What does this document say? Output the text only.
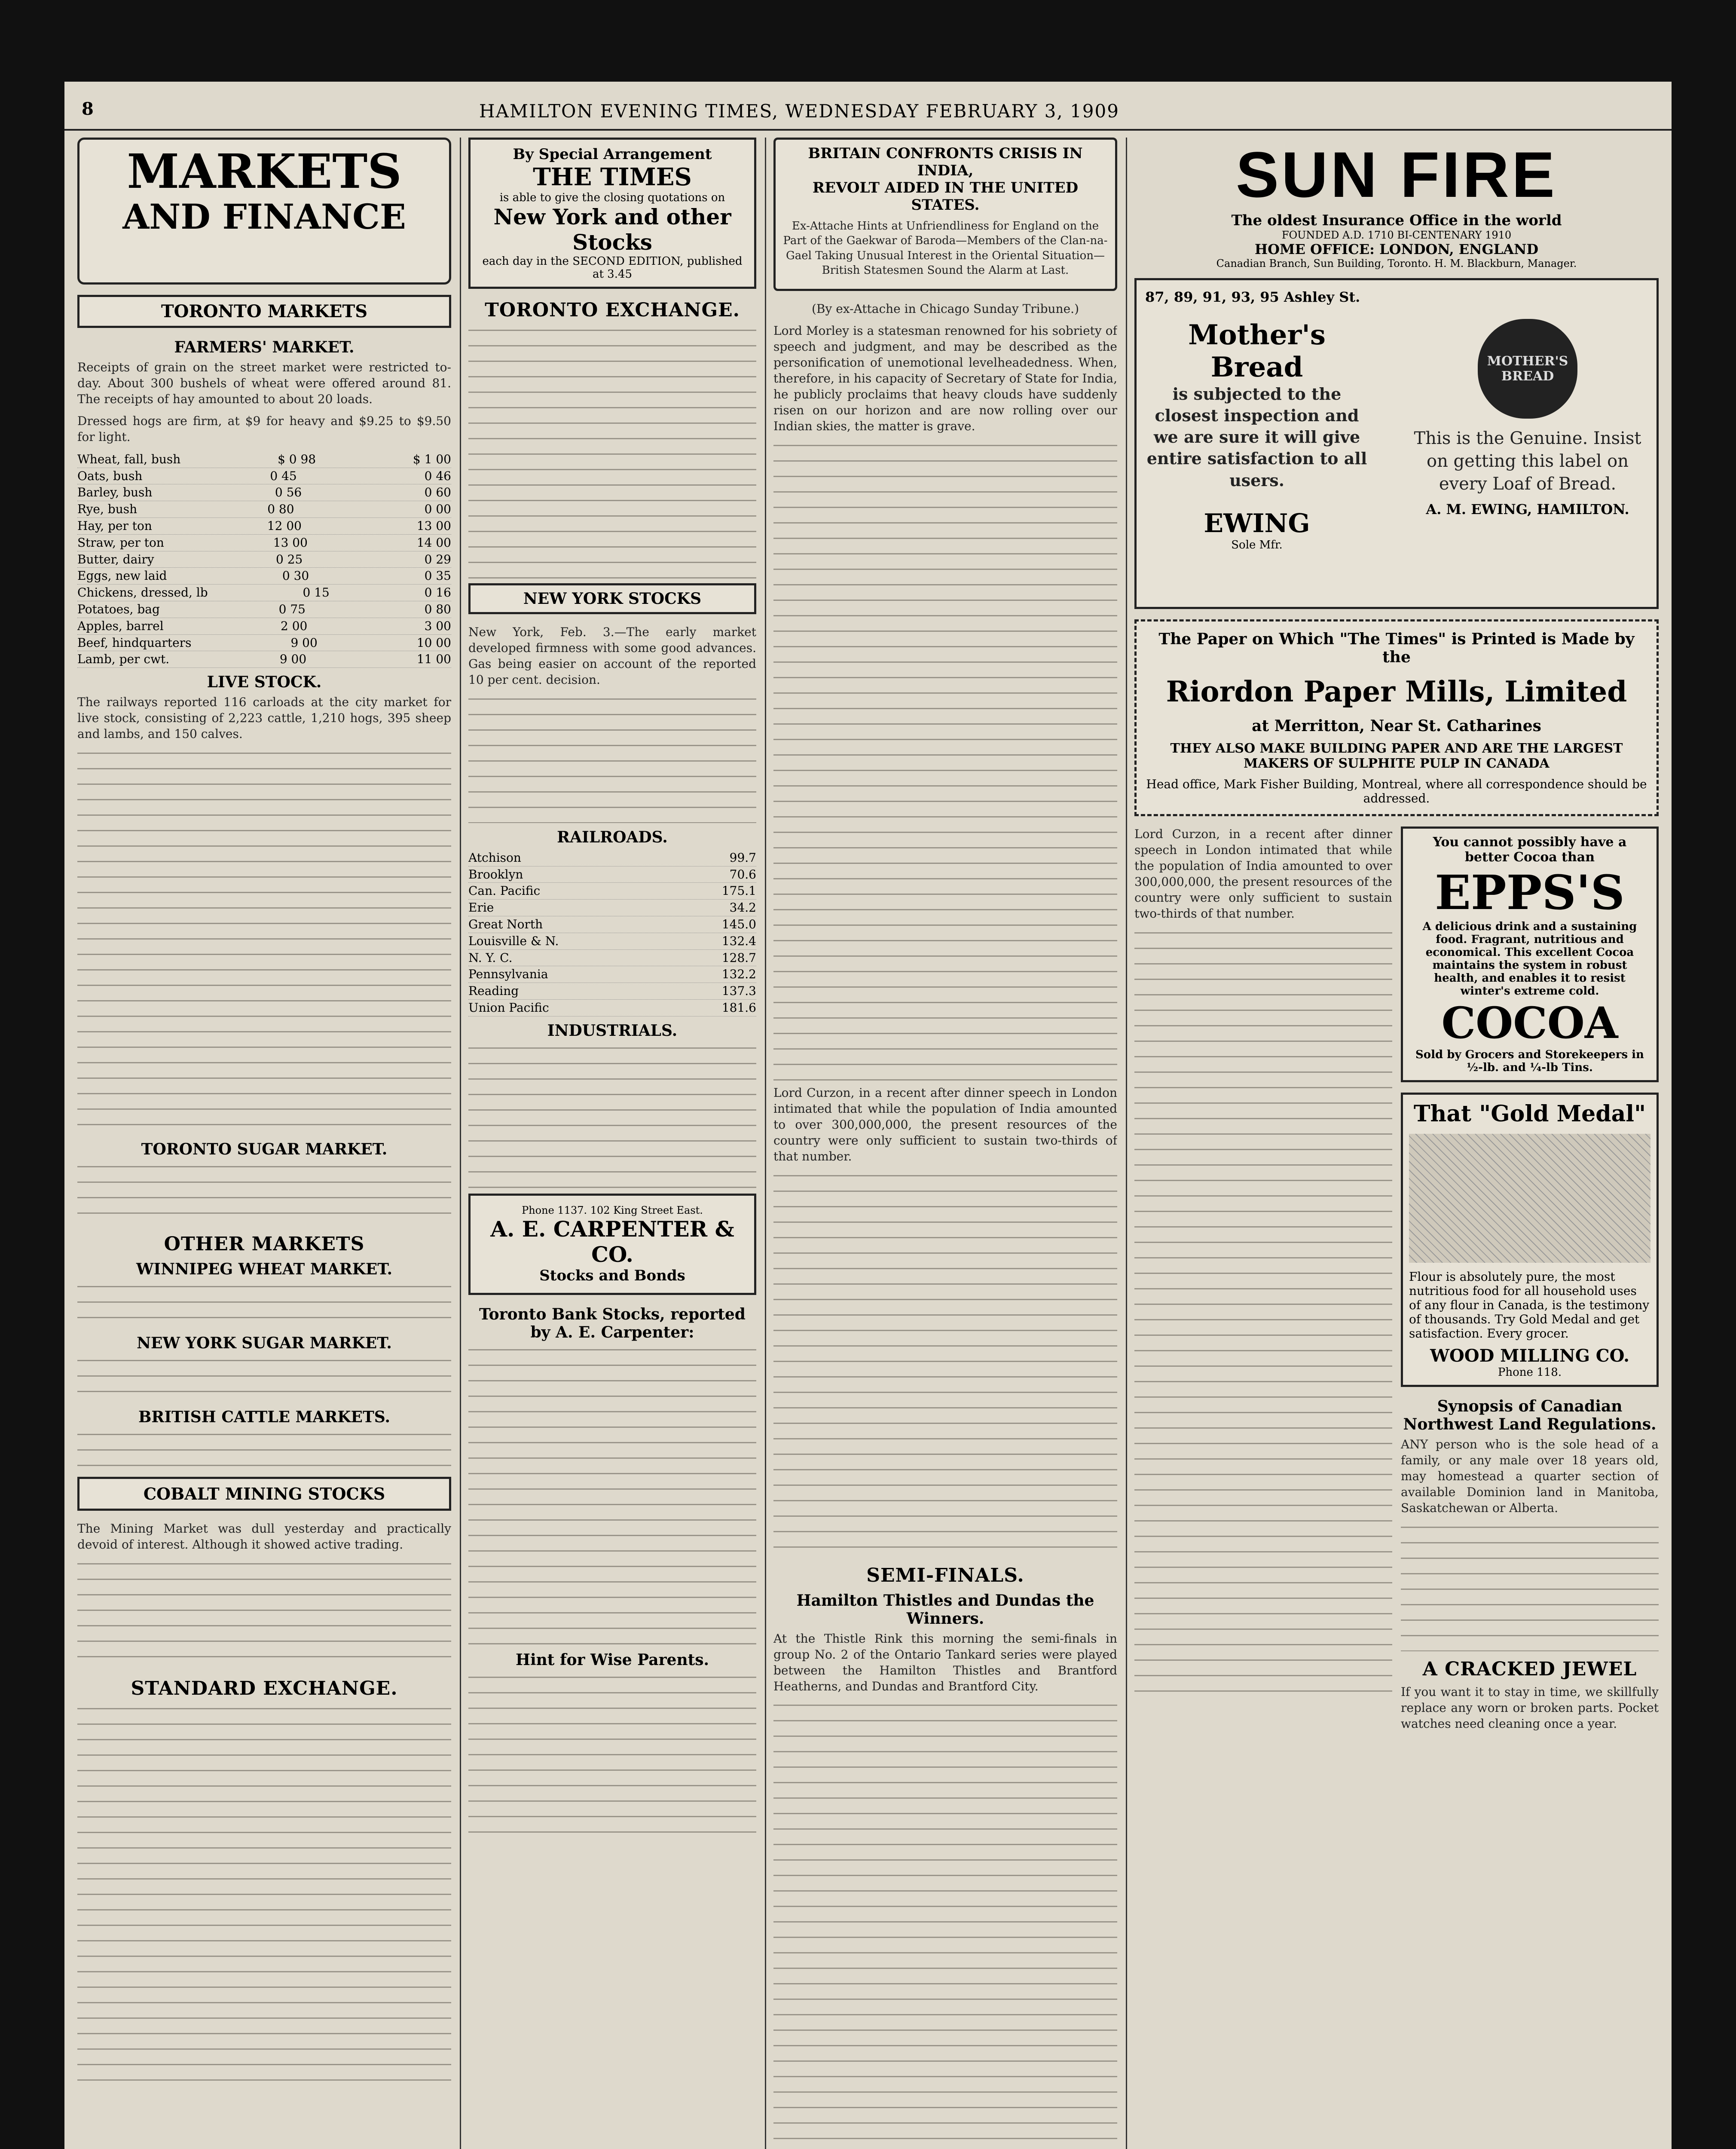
8	HAMILTON EVENING TIMES, WEDNESDAY FEBRUARY 3, 1909
MARKETS
AND FINANCE
TORONTO MARKETS
FARMERS' MARKET.

Receipts of grain on the street market were restricted to-day. About 300 bushels of wheat were offered around 81. The receipts of hay amounted to about 20 loads.

Dressed hogs are firm, at $9 for heavy and $9.25 to $9.50 for light.

Wheat, fall, bush	$ 0 98	$ 1 00
Oats, bush	0 45	0 46
Barley, bush	0 56	0 60
Rye, bush	0 80	0 00
Hay, per ton	12 00	13 00
Straw, per ton	13 00	14 00
Butter, dairy	0 25	0 29
Eggs, new laid	0 30	0 35
Chickens, dressed, lb	0 15	0 16
Potatoes, bag	0 75	0 80
Apples, barrel	2 00	3 00
Beef, hindquarters	9 00	10 00
Lamb, per cwt.	9 00	11 00
LIVE STOCK.

The railways reported 116 carloads at the city market for live stock, consisting of 2,223 cattle, 1,210 hogs, 395 sheep and lambs, and 150 calves.

TORONTO SUGAR MARKET.
OTHER MARKETS
WINNIPEG WHEAT MARKET.
NEW YORK SUGAR MARKET.
BRITISH CATTLE MARKETS.
COBALT MINING STOCKS

The Mining Market was dull yesterday and practically devoid of interest. Although it showed active trading.

STANDARD EXCHANGE.
By Special Arrangement
THE TIMES
is able to give the closing quotations on
New York and other Stocks
each day in the SECOND EDITION, published at 3.45
TORONTO EXCHANGE.
NEW YORK STOCKS

New York, Feb. 3.—The early market developed firmness with some good advances. Gas being easier on account of the reported 10 per cent. decision.

RAILROADS.
Atchison	99.7
Brooklyn	70.6
Can. Pacific	175.1
Erie	34.2
Great North	145.0
Louisville & N.	132.4
N. Y. C.	128.7
Pennsylvania	132.2
Reading	137.3
Union Pacific	181.6
INDUSTRIALS.
Phone 1137. 102 King Street East.
A. E. CARPENTER & CO.
Stocks and Bonds
Toronto Bank Stocks, reported by A. E. Carpenter:
Hint for Wise Parents.
BRITAIN CONFRONTS CRISIS IN INDIA,
REVOLT AIDED IN THE UNITED STATES.

Ex-Attache Hints at Unfriendliness for England on the Part of the Gaekwar of Baroda—Members of the Clan-na-Gael Taking Unusual Interest in the Oriental Situation—British Statesmen Sound the Alarm at Last.

(By ex-Attache in Chicago Sunday Tribune.)

Lord Morley is a statesman renowned for his sobriety of speech and judgment, and may be described as the personification of unemotional levelheadedness. When, therefore, in his capacity of Secretary of State for India, he publicly proclaims that heavy clouds have suddenly risen on our horizon and are now rolling over our Indian skies, the matter is grave.

Lord Curzon, in a recent after dinner speech in London intimated that while the population of India amounted to over 300,000,000, the present resources of the country were only sufficient to sustain two-thirds of that number.

SEMI-FINALS.
Hamilton Thistles and Dundas the Winners.

At the Thistle Rink this morning the semi-finals in group No. 2 of the Ontario Tankard series were played between the Hamilton Thistles and Brantford Heatherns, and Dundas and Brantford City.

SUN FIRE
The oldest Insurance Office in the world
FOUNDED A.D. 1710 BI-CENTENARY 1910
HOME OFFICE: LONDON, ENGLAND
Canadian Branch, Sun Building, Toronto. H. M. Blackburn, Manager.
87, 89, 91, 93, 95 Ashley St.
Mother's Bread

is subjected to the closest inspection and we are sure it will give entire satisfaction to all users.

EWING
Sole Mfr.
MOTHER'S BREAD

This is the Genuine. Insist on getting this label on every Loaf of Bread.

A. M. EWING, HAMILTON.
The Paper on Which "The Times" is Printed is Made by the
Riordon Paper Mills, Limited
at Merritton, Near St. Catharines
THEY ALSO MAKE BUILDING PAPER AND ARE THE LARGEST MAKERS OF SULPHITE PULP IN CANADA
Head office, Mark Fisher Building, Montreal, where all correspondence should be addressed.

Lord Curzon, in a recent after dinner speech in London intimated that while the population of India amounted to over 300,000,000, the present resources of the country were only sufficient to sustain two-thirds of that number.

You cannot possibly have a better Cocoa than
EPPS'S
A delicious drink and a sustaining food. Fragrant, nutritious and economical. This excellent Cocoa maintains the system in robust health, and enables it to resist winter's extreme cold.
COCOA
Sold by Grocers and Storekeepers in ½-lb. and ¼-lb Tins.
That "Gold Medal"
Flour is absolutely pure, the most nutritious food for all household uses of any flour in Canada, is the testimony of thousands. Try Gold Medal and get satisfaction. Every grocer.
WOOD MILLING CO.
Phone 118.
Synopsis of Canadian Northwest Land Regulations.

ANY person who is the sole head of a family, or any male over 18 years old, may homestead a quarter section of available Dominion land in Manitoba, Saskatchewan or Alberta.

A CRACKED JEWEL

If you want it to stay in time, we skillfully replace any worn or broken parts. Pocket watches need cleaning once a year.
